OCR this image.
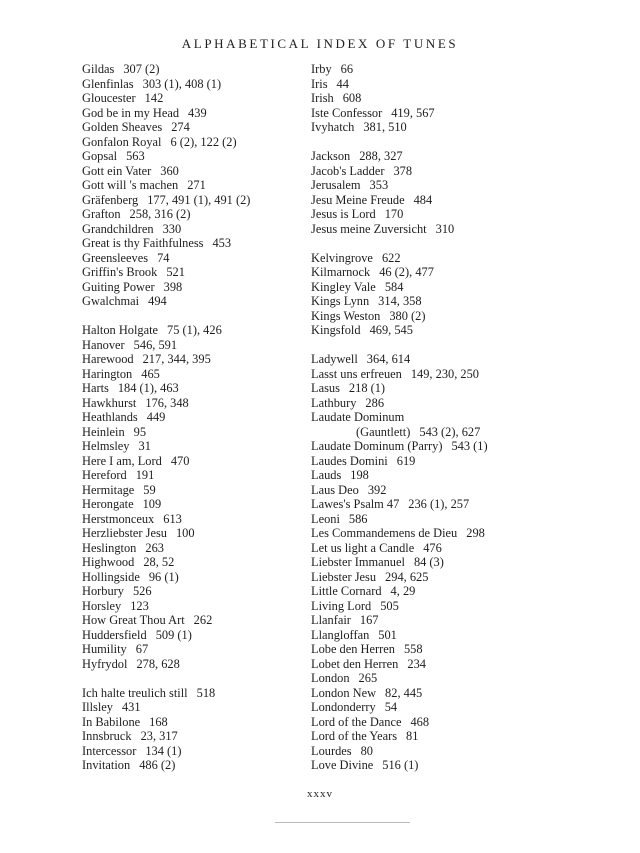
ALPHABETICAL INDEX OF TUNES
Gildas 307 (2)
Glenfinlas 303 (1), 408 (1)
Gloucester 142
God be in my Head 439
Golden Sheaves 274
Gonfalon Royal 6 (2), 122 (2)
Gopsal 563
Gott ein Vater 360
Gott will 's machen 271
Gräfenberg 177, 491 (1), 491 (2)
Grafton 258, 316 (2)
Grandchildren 330
Great is thy Faithfulness 453
Greensleeves 74
Griffin's Brook 521
Guiting Power 398
Gwalchmai 494
Halton Holgate 75 (1), 426
Hanover 546, 591
Harewood 217, 344, 395
Harington 465
Harts 184 (1), 463
Hawkhurst 176, 348
Heathlands 449
Heinlein 95
Helmsley 31
Here I am, Lord 470
Hereford 191
Hermitage 59
Herongate 109
Herstmonceux 613
Herzliebster Jesu 100
Heslington 263
Highwood 28, 52
Hollingside 96 (1)
Horbury 526
Horsley 123
How Great Thou Art 262
Huddersfield 509 (1)
Humility 67
Hyfrydol 278, 628
Ich halte treulich still 518
Illsley 431
In Babilone 168
Innsbruck 23, 317
Intercessor 134 (1)
Invitation 486 (2)
Irby 66
Iris 44
Irish 608
Iste Confessor 419, 567
Ivyhatch 381, 510
Jackson 288, 327
Jacob's Ladder 378
Jerusalem 353
Jesu Meine Freude 484
Jesus is Lord 170
Jesus meine Zuversicht 310
Kelvingrove 622
Kilmarnock 46 (2), 477
Kingley Vale 584
Kings Lynn 314, 358
Kings Weston 380 (2)
Kingsfold 469, 545
Ladywell 364, 614
Lasst uns erfreuen 149, 230, 250
Lasus 218 (1)
Lathbury 286
Laudate Dominum
(Gauntlett) 543 (2), 627
Laudate Dominum (Parry) 543 (1)
Laudes Domini 619
Lauds 198
Laus Deo 392
Lawes's Psalm 47 236 (1), 257
Leoni 586
Les Commandemens de Dieu 298
Let us light a Candle 476
Liebster Immanuel 84 (3)
Liebster Jesu 294, 625
Little Cornard 4, 29
Living Lord 505
Llanfair 167
Llangloffan 501
Lobe den Herren 558
Lobet den Herren 234
London 265
London New 82, 445
Londonderry 54
Lord of the Dance 468
Lord of the Years 81
Lourdes 80
Love Divine 516 (1)
xxxv
